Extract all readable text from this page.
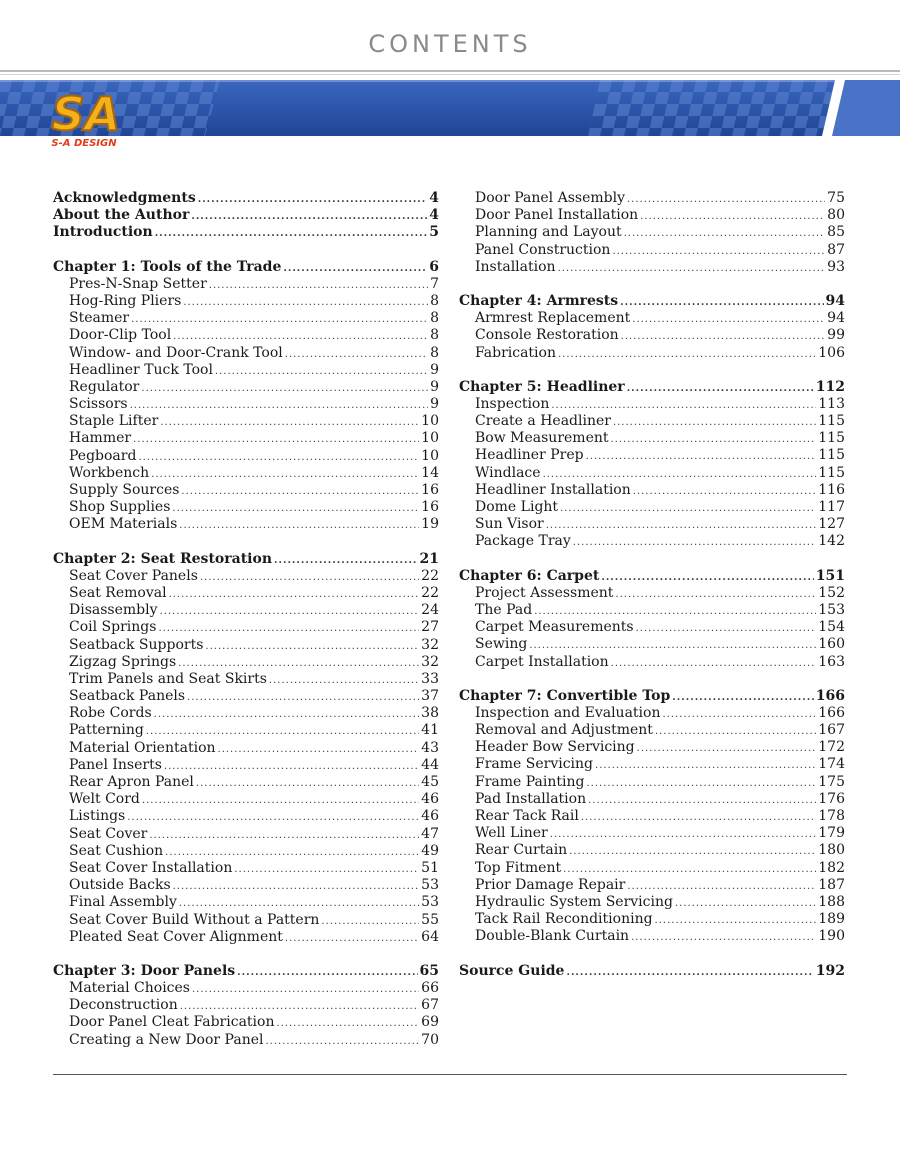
CONTENTS
SA
S-A DESIGN
Acknowledgments .....	4
About the Author .....	4
Introduction .....	5
Chapter 1: Tools of the Trade .....	6
Pres-N-Snap Setter .....	7
Hog-Ring Pliers .....	8
Steamer .....	8
Door-Clip Tool .....	8
Window- and Door-Crank Tool .....	8
Headliner Tuck Tool .....	9
Regulator .....	9
Scissors .....	9
Staple Lifter .....	10
Hammer .....	10
Pegboard .....	10
Workbench .....	14
Supply Sources .....	16
Shop Supplies .....	16
OEM Materials .....	19
Chapter 2: Seat Restoration .....	21
Seat Cover Panels .....	22
Seat Removal .....	22
Disassembly .....	24
Coil Springs .....	27
Seatback Supports .....	32
Zigzag Springs .....	32
Trim Panels and Seat Skirts .....	33
Seatback Panels .....	37
Robe Cords .....	38
Patterning .....	41
Material Orientation .....	43
Panel Inserts .....	44
Rear Apron Panel .....	45
Welt Cord .....	46
Listings .....	46
Seat Cover .....	47
Seat Cushion .....	49
Seat Cover Installation .....	51
Outside Backs .....	53
Final Assembly .....	53
Seat Cover Build Without a Pattern .....	55
Pleated Seat Cover Alignment .....	64
Chapter 3: Door Panels .....	65
Material Choices .....	66
Deconstruction .....	67
Door Panel Cleat Fabrication .....	69
Creating a New Door Panel .....	70
Door Panel Assembly .....	75
Door Panel Installation .....	80
Planning and Layout .....	85
Panel Construction .....	87
Installation .....	93
Chapter 4: Armrests .....	94
Armrest Replacement .....	94
Console Restoration .....	99
Fabrication .....	106
Chapter 5: Headliner .....	112
Inspection .....	113
Create a Headliner .....	115
Bow Measurement .....	115
Headliner Prep .....	115
Windlace .....	115
Headliner Installation .....	116
Dome Light .....	117
Sun Visor .....	127
Package Tray .....	142
Chapter 6: Carpet .....	151
Project Assessment .....	152
The Pad .....	153
Carpet Measurements .....	154
Sewing .....	160
Carpet Installation .....	163
Chapter 7: Convertible Top .....	166
Inspection and Evaluation .....	166
Removal and Adjustment .....	167
Header Bow Servicing .....	172
Frame Servicing .....	174
Frame Painting .....	175
Pad Installation .....	176
Rear Tack Rail .....	178
Well Liner .....	179
Rear Curtain .....	180
Top Fitment .....	182
Prior Damage Repair .....	187
Hydraulic System Servicing .....	188
Tack Rail Reconditioning .....	189
Double-Blank Curtain .....	190
Source Guide .....	192
